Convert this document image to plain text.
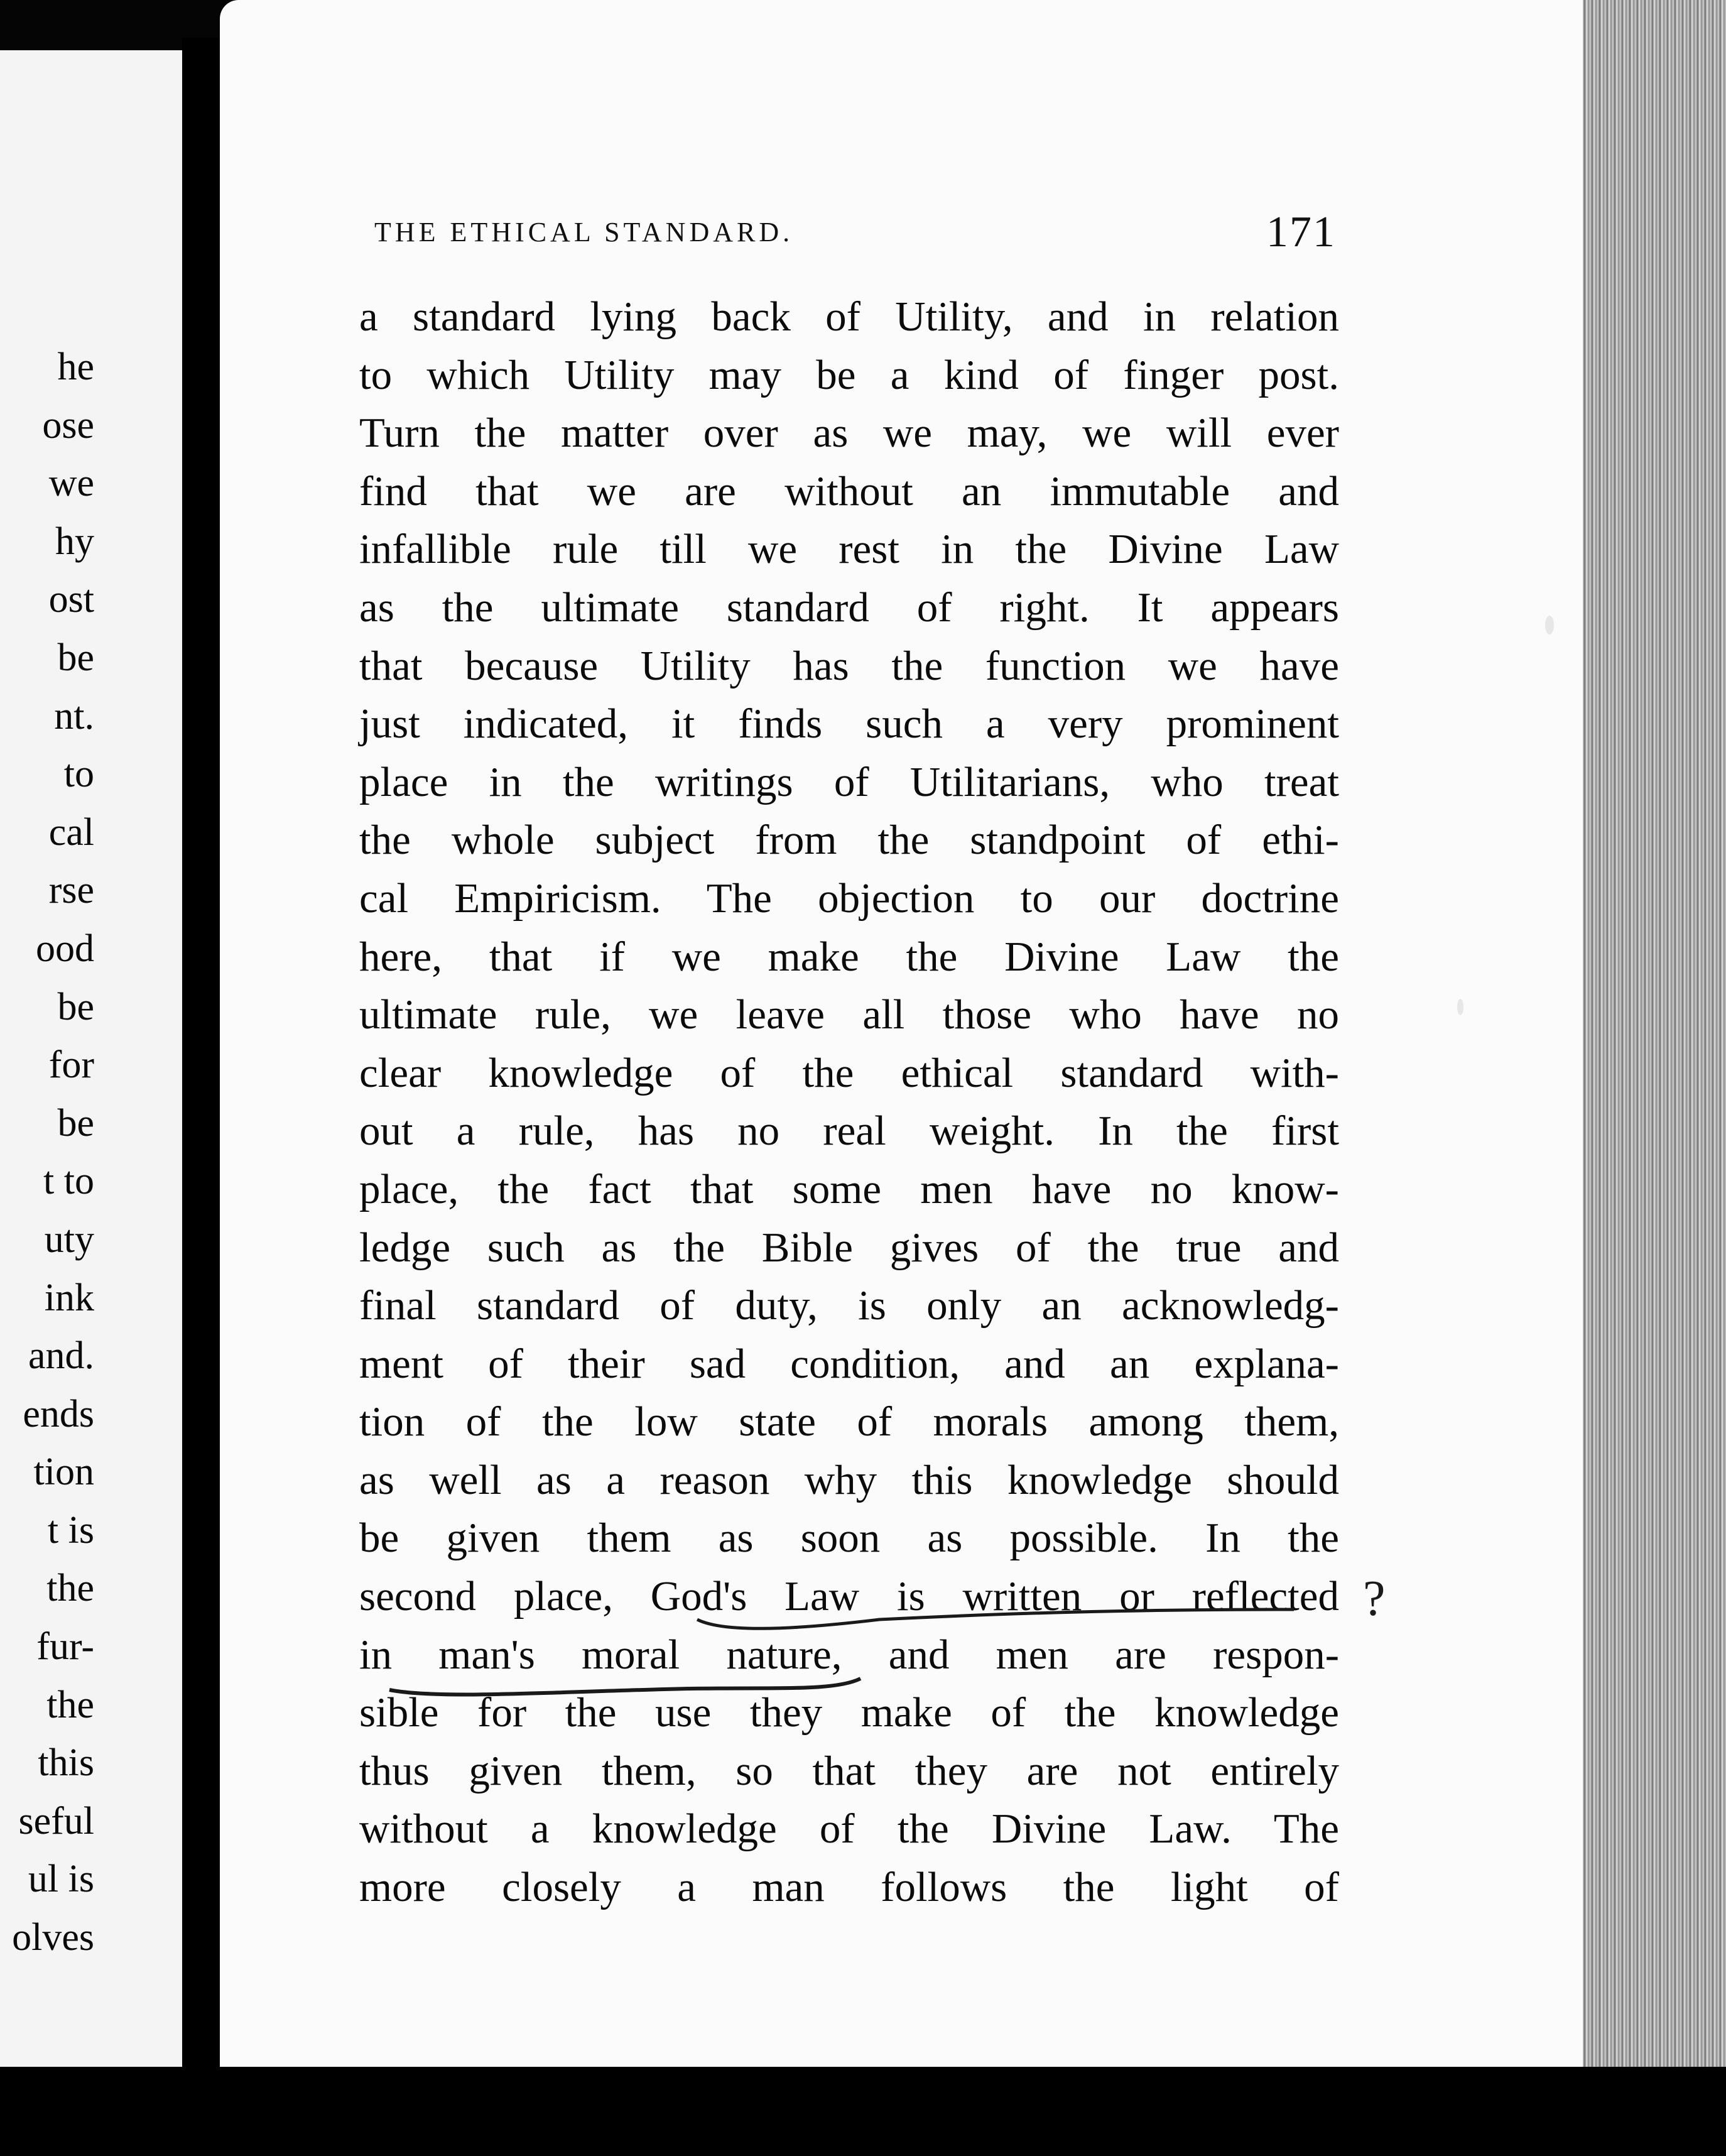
he
ose
we
hy
ost
be
nt.
to
cal
rse
ood
be
for
be
t to
uty
ink
and.
ends
tion
t is
the
fur-
the
this
seful
ul is
olves
THE ETHICAL STANDARD.	171
a standard lying back of Utility, and in relation
to which Utility may be a kind of finger post.
Turn the matter over as we may, we will ever
find that we are without an immutable and
infallible rule till we rest in the Divine Law
as the ultimate standard of right. It appears
that because Utility has the function we have
just indicated, it finds such a very prominent
place in the writings of Utilitarians, who treat
the whole subject from the standpoint of ethi-
cal Empiricism. The objection to our doctrine
here, that if we make the Divine Law the
ultimate rule, we leave all those who have no
clear knowledge of the ethical standard with-
out a rule, has no real weight. In the first
place, the fact that some men have no know-
ledge such as the Bible gives of the true and
final standard of duty, is only an acknowledg-
ment of their sad condition, and an explana-
tion of the low state of morals among them,
as well as a reason why this knowledge should
be given them as soon as possible. In the
second place, God's Law is written or reflected
in man's moral nature, and men are respon-
sible for the use they make of the knowledge
thus given them, so that they are not entirely
without a knowledge of the Divine Law. The
more closely a man follows the light of
?
